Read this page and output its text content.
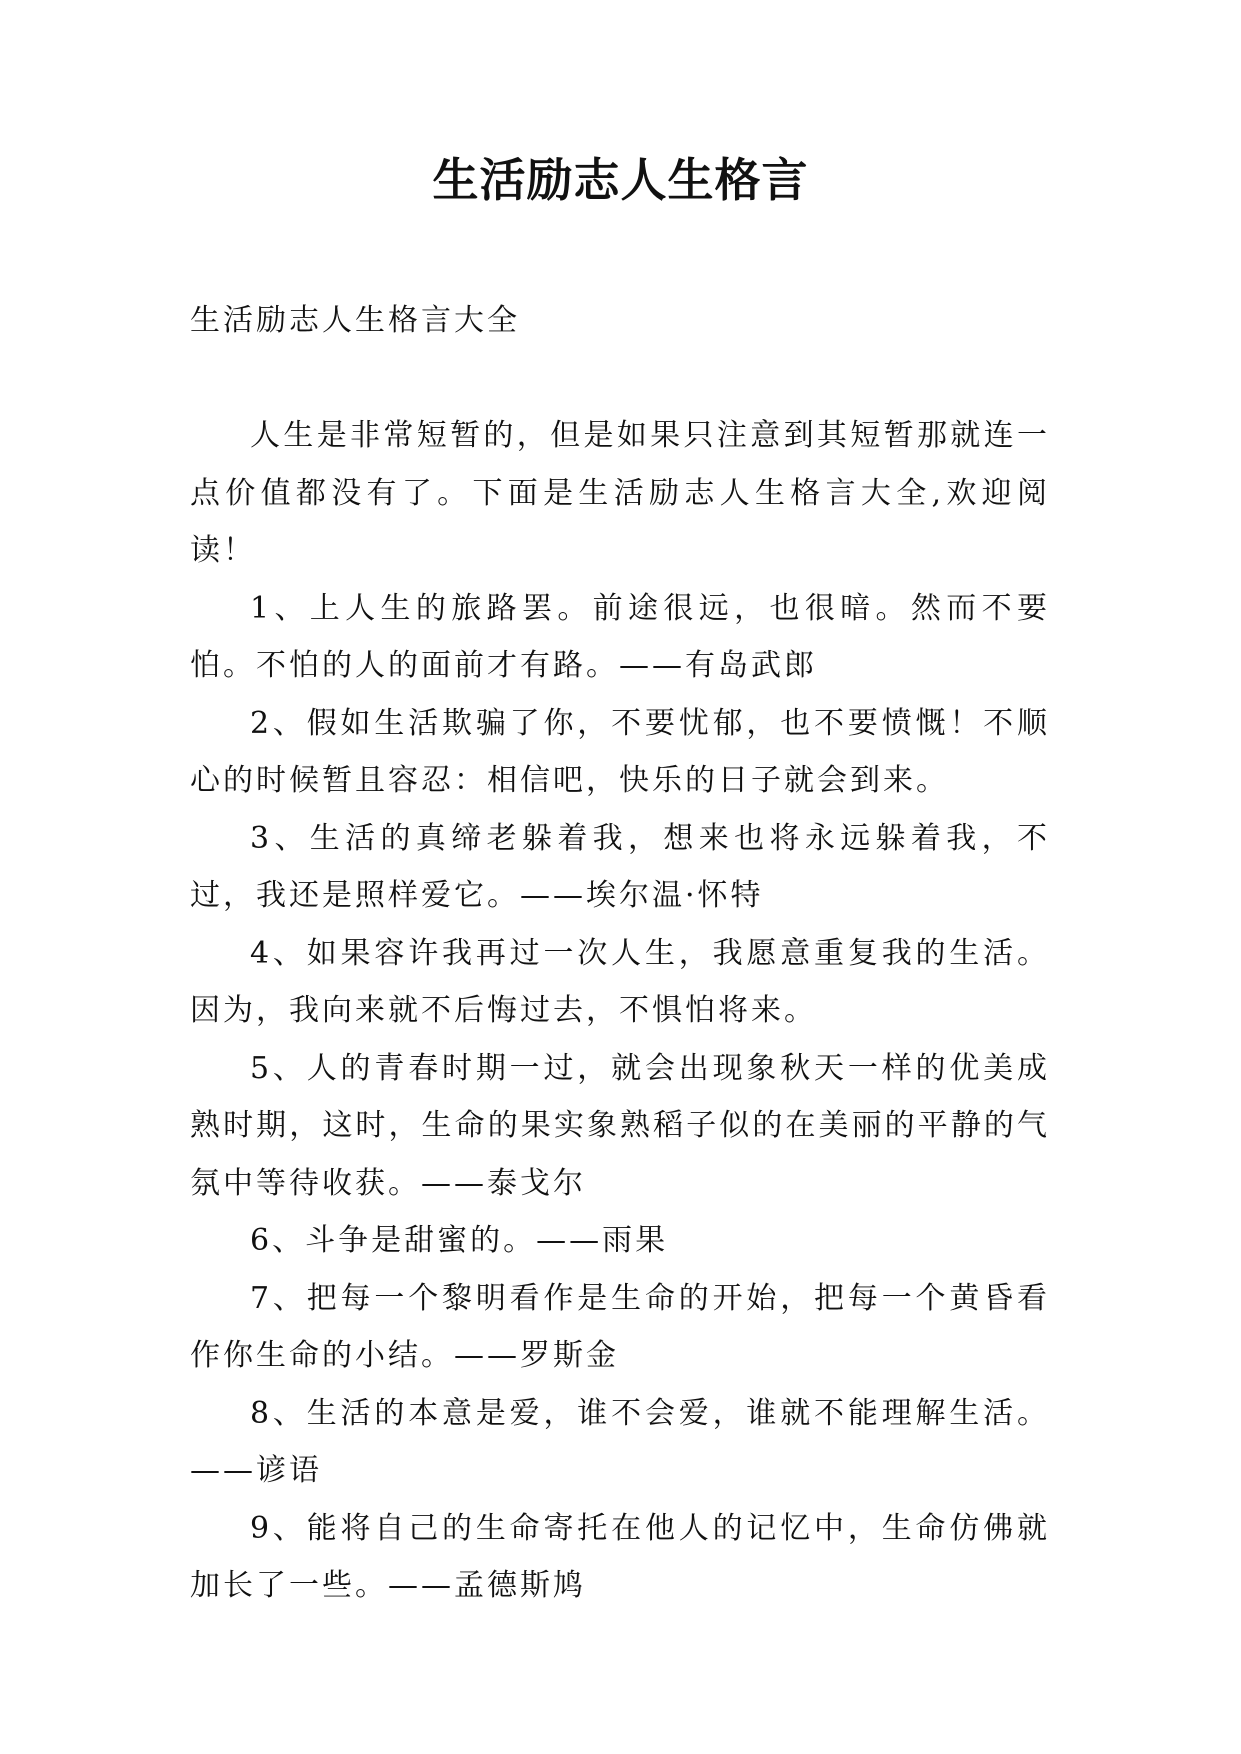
生活励志人生格言

生活励志人生格言大全

人生是非常短暂的，但是如果只注意到其短暂那就连一点价值都没有了。下面是生活励志人生格言大全,欢迎阅读！

1、上人生的旅路罢。前途很远，也很暗。然而不要怕。不怕的人的面前才有路。——有岛武郎

2、假如生活欺骗了你，不要忧郁，也不要愤慨！不顺心的时候暂且容忍：相信吧，快乐的日子就会到来。

3、生活的真缔老躲着我，想来也将永远躲着我，不过，我还是照样爱它。——埃尔温·怀特

4、如果容许我再过一次人生，我愿意重复我的生活。因为，我向来就不后悔过去，不惧怕将来。

5、人的青春时期一过，就会出现象秋天一样的优美成熟时期，这时，生命的果实象熟稻子似的在美丽的平静的气氛中等待收获。——泰戈尔

6、斗争是甜蜜的。——雨果

7、把每一个黎明看作是生命的开始，把每一个黄昏看作你生命的小结。——罗斯金

8、生活的本意是爱，谁不会爱，谁就不能理解生活。——谚语

9、能将自己的生命寄托在他人的记忆中，生命仿佛就加长了一些。——孟德斯鸠
